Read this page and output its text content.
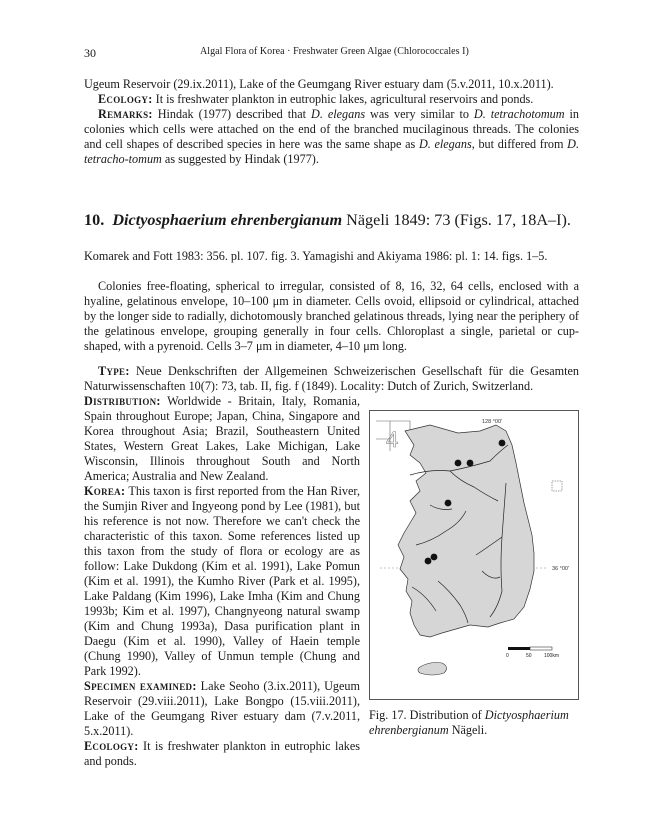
30	Algal Flora of Korea · Freshwater Green Algae (Chlorococcales I)

Ugeum Reservoir (29.ix.2011), Lake of the Geumgang River estuary dam (5.v.2011, 10.x.2011).

Ecology: It is freshwater plankton in eutrophic lakes, agricultural reservoirs and ponds.

Remarks: Hindak (1977) described that D. elegans was very similar to D. tetrachotomum in colonies which cells were attached on the end of the branched mucilaginous threads. The colonies and cell shapes of described species in here was the same shape as D. elegans, but differed from D. tetracho-tomum as suggested by Hindak (1977).

10. Dictyosphaerium ehrenbergianum Nägeli 1849: 73 (Figs. 17, 18A–I).
Komarek and Fott 1983: 356. pl. 107. fig. 3. Yamagishi and Akiyama 1986: pl. 1: 14. figs. 1–5.

Colonies free-floating, spherical to irregular, consisted of 8, 16, 32, 64 cells, enclosed with a hyaline, gelatinous envelope, 10–100 μm in diameter. Cells ovoid, ellipsoid or cylindrical, attached by the longer side to radially, dichotomously branched gelatinous threads, lying near the periphery of the gelatinous envelope, grouping generally in four cells. Chloroplast a single, parietal or cup-shaped, with a pyrenoid. Cells 3–7 μm in diameter, 4–10 μm long.

Type: Neue Denkschriften der Allgemeinen Schweizerischen Gesellschaft für die Gesamten Naturwissenschaften 10(7): 73, tab. II, fig. f (1849). Locality: Dutch of Zurich, Switzerland.

Distribution: Worldwide - Britain, Italy, Romania, Spain throughout Europe; Japan, China, Singapore and Korea throughout Asia; Brazil, Southeastern United States, Western Great Lakes, Lake Michigan, Lake Wisconsin, Illinois throughout South and North America; Australia and New Zealand.

Korea: This taxon is first reported from the Han River, the Sumjin River and Ingyeong pond by Lee (1981), but his reference is not now. Therefore we can't check the characteristic of this taxon. Some references listed up this taxon from the study of flora or ecology are as follow: Lake Dukdong (Kim et al. 1991), Lake Pomun (Kim et al. 1991), the Kumho River (Park et al. 1995), Lake Paldang (Kim 1996), Lake Imha (Kim and Chung 1993b; Kim et al. 1997), Changnyeong natural swamp (Kim and Chung 1993a), Dasa purification plant in Daegu (Kim et al. 1990), Valley of Haein temple (Chung 1990), Valley of Unmun temple (Chung and Park 1992).

Specimen examined: Lake Seoho (3.ix.2011), Ugeum Reservoir (29.viii.2011), Lake Bongpo (15.viii.2011), Lake of the Geumgang River estuary dam (7.v.2011, 5.x.2011).

Ecology: It is freshwater plankton in eutrophic lakes and ponds.

128 °00'
36 °00'
4
0	50 100km
Fig. 17. Distribution of Dictyosphaerium ehrenbergianum Nägeli.
